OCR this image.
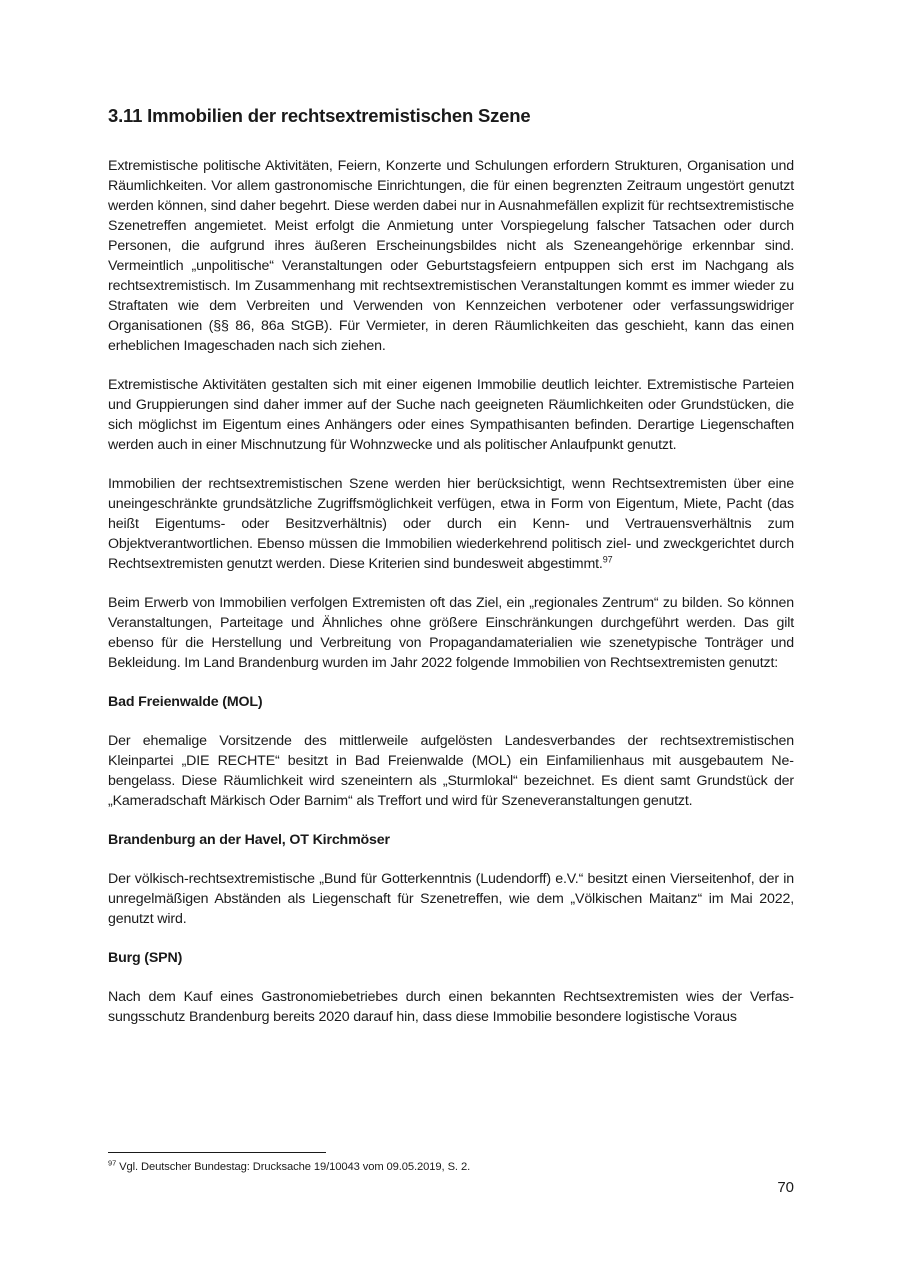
3.11 Immobilien der rechtsextremistischen Szene

Extremistische politische Aktivitäten, Feiern, Konzerte und Schulungen erfordern Strukturen, Organisation und Räumlichkeiten. Vor allem gastronomische Einrichtungen, die für einen begrenzten Zeitraum ungestört genutzt werden können, sind daher begehrt. Diese werden dabei nur in Ausnahmefällen explizit für rechtsextremistische Szenetreffen angemietet. Meist erfolgt die Anmietung unter Vorspiegelung falscher Tatsachen oder durch Personen, die aufgrund ihres äußeren Erscheinungsbildes nicht als Szeneangehörige erkennbar sind. Vermeintlich „unpolitische“ Veranstaltungen oder Geburtstagsfeiern entpuppen sich erst im Nachgang als rechtsextremistisch. Im Zusammenhang mit rechtsextremistischen Veranstaltungen kommt es immer wieder zu Straftaten wie dem Verbreiten und Verwenden von Kennzeichen verbotener oder verfassungswidriger Organisationen (§§ 86, 86a StGB). Für Vermieter, in deren Räumlichkeiten das geschieht, kann das einen erheblichen Imageschaden nach sich ziehen.

Extremistische Aktivitäten gestalten sich mit einer eigenen Immobilie deutlich leichter. Extremistische Parteien und Gruppierungen sind daher immer auf der Suche nach geeigneten Räumlichkeiten oder Grundstücken, die sich möglichst im Eigentum eines Anhängers oder eines Sympathisanten befinden. Derartige Liegenschaften werden auch in einer Mischnutzung für Wohnzwecke und als politischer Anlaufpunkt genutzt.

Immobilien der rechtsextremistischen Szene werden hier berücksichtigt, wenn Rechtsextremisten über eine uneingeschränkte grundsätzliche Zugriffsmöglichkeit verfügen, etwa in Form von Eigentum, Miete, Pacht (das heißt Eigentums- oder Besitzverhältnis) oder durch ein Kenn- und Vertrauensverhältnis zum Objektverantwortlichen. Ebenso müssen die Immobilien wiederkehrend politisch ziel- und zweckgerichtet durch Rechtsextremisten genutzt werden. Diese Kriterien sind bundesweit abgestimmt.$^{97}$

Beim Erwerb von Immobilien verfolgen Extremisten oft das Ziel, ein „regionales Zentrum“ zu bilden. So können Veranstaltungen, Parteitage und Ähnliches ohne größere Einschränkungen durchgeführt werden. Das gilt ebenso für die Herstellung und Verbreitung von Propagandamaterialien wie szenetypische Tonträger und Bekleidung. Im Land Brandenburg wurden im Jahr 2022 folgende Immobilien von Rechtsextremisten genutzt:

Bad Freienwalde (MOL)

Der ehemalige Vorsitzende des mittlerweile aufgelösten Landesverbandes der rechtsextremistischen Kleinpartei „DIE RECHTE“ besitzt in Bad Freienwalde (MOL) ein Einfamilienhaus mit ausgebautem Nebengelass. Diese Räumlichkeit wird szeneintern als „Sturmlokal“ bezeichnet. Es dient samt Grundstück der „Kameradschaft Märkisch Oder Barnim“ als Treffort und wird für Szeneveranstaltungen genutzt.

Brandenburg an der Havel, OT Kirchmöser

Der völkisch-rechtsextremistische „Bund für Gotterkenntnis (Ludendorff) e.V.“ besitzt einen Vierseitenhof, der in unregelmäßigen Abständen als Liegenschaft für Szenetreffen, wie dem „Völkischen Maitanz“ im Mai 2022, genutzt wird.

Burg (SPN)

Nach dem Kauf eines Gastronomiebetriebes durch einen bekannten Rechtsextremisten wies der Verfassungsschutz Brandenburg bereits 2020 darauf hin, dass diese Immobilie besondere logistische Voraus

$^{97}$ Vgl. Deutscher Bundestag: Drucksache 19/10043 vom 09.05.2019, S. 2.
70
